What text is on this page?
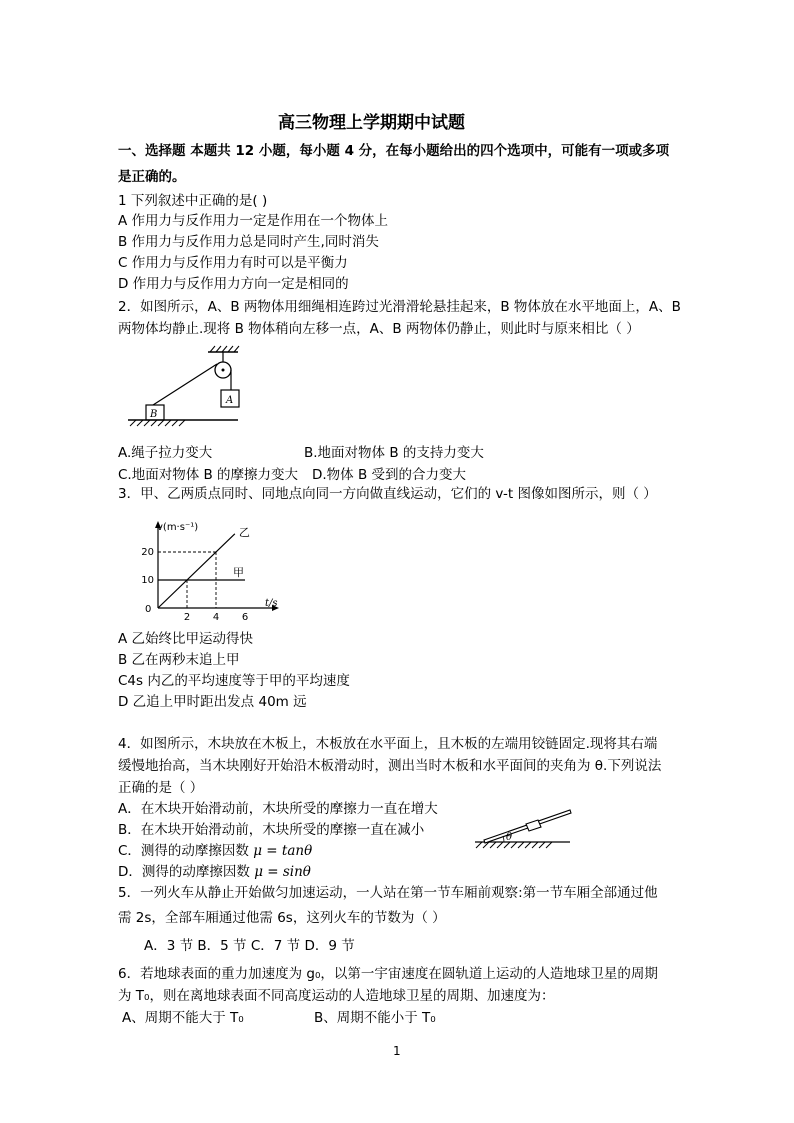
高三物理上学期期中试题
一、选择题 本题共 12 小题，每小题 4 分，在每小题给出的四个选项中，可能有一项或多项
是正确的。
1 下列叙述中正确的是( )
A 作用力与反作用力一定是作用在一个物体上
B 作用力与反作用力总是同时产生,同时消失
C 作用力与反作用力有时可以是平衡力
D 作用力与反作用力方向一定是相同的
2．如图所示，A、B 两物体用细绳相连跨过光滑滑轮悬挂起来，B 物体放在水平地面上，A、B
两物体均静止.现将 B 物体稍向左移一点，A、B 两物体仍静止，则此时与原来相比（ ）
A
B
A.绳子拉力变大	B.地面对物体 B 的支持力变大
C.地面对物体 B 的摩擦力变大 D.物体 B 受到的合力变大
3．甲、乙两质点同时、同地点向同一方向做直线运动，它们的 v-t 图像如图所示，则（ ）
10
20
2 4 6
甲
乙
v(m·s⁻¹)
t/s
0
A 乙始终比甲运动得快
B 乙在两秒末追上甲
C4s 内乙的平均速度等于甲的平均速度
D 乙追上甲时距出发点 40m 远
4．如图所示，木块放在木板上，木板放在水平面上，且木板的左端用铰链固定.现将其右端
缓慢地抬高，当木块刚好开始沿木板滑动时，测出当时木板和水平面间的夹角为 θ.下列说法
正确的是（ ）
A．在木块开始滑动前，木块所受的摩擦力一直在增大
B．在木块开始滑动前，木块所受的摩擦一直在减小
C．测得的动摩擦因数 μ = tanθ
D．测得的动摩擦因数 μ = sinθ
θ
5．一列火车从静止开始做匀加速运动，一人站在第一节车厢前观察:第一节车厢全部通过他
需 2s，全部车厢通过他需 6s，这列火车的节数为（ ）
A．3 节 B．5 节 C．7 节 D．9 节
6．若地球表面的重力加速度为 g₀，以第一宇宙速度在圆轨道上运动的人造地球卫星的周期
为 T₀，则在离地球表面不同高度运动的人造地球卫星的周期、加速度为：
A、周期不能大于 T₀	B、周期不能小于 T₀
1
